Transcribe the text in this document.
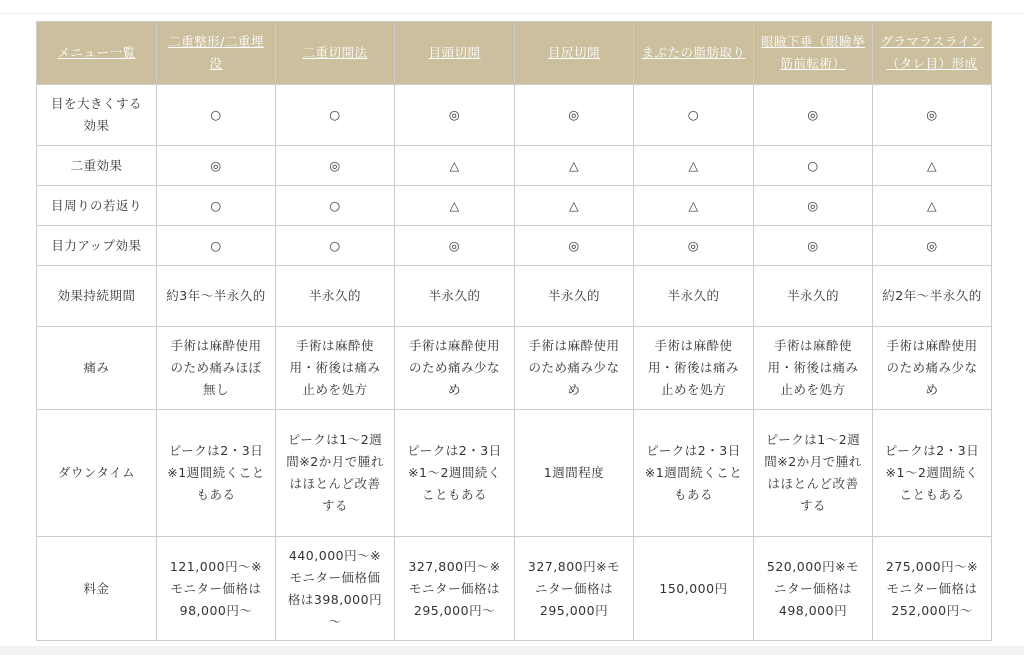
メニュー一覧	二重整形/二重埋没	二重切開法	目頭切開	目尻切開	まぶたの脂肪取り	眼瞼下垂（眼瞼挙筋前転術）	グラマラスライン（タレ目）形成
目を大きくする効果	○	○	◎	◎	○	◎	◎
二重効果	◎	◎	△	△	△	○	△
目周りの若返り	○	○	△	△	△	◎	△
目力アップ効果	○	○	◎	◎	◎	◎	◎
効果持続期間	約3年～半永久的	半永久的	半永久的	半永久的	半永久的	半永久的	約2年～半永久的
痛み	手術は麻酔使用のため痛みほぼ無し	手術は麻酔使用・術後は痛み止めを処方	手術は麻酔使用のため痛み少なめ	手術は麻酔使用のため痛み少なめ	手術は麻酔使用・術後は痛み止めを処方	手術は麻酔使用・術後は痛み止めを処方	手術は麻酔使用のため痛み少なめ
ダウンタイム	ピークは2・3日※1週間続くこともある	ピークは1～2週間※2か月で腫れはほとんど改善する	ピークは2・3日※1～2週間続くこともある	1週間程度	ピークは2・3日※1週間続くこともある	ピークは1～2週間※2か月で腫れはほとんど改善する	ピークは2・3日※1～2週間続くこともある
料金	121,000円～※モニター価格は98,000円～	440,000円～※モニター価格価格は398,000円～	327,800円～※モニター価格は295,000円～	327,800円※モニター価格は295,000円	150,000円	520,000円※モニター価格は498,000円	275,000円～※モニター価格は252,000円～
